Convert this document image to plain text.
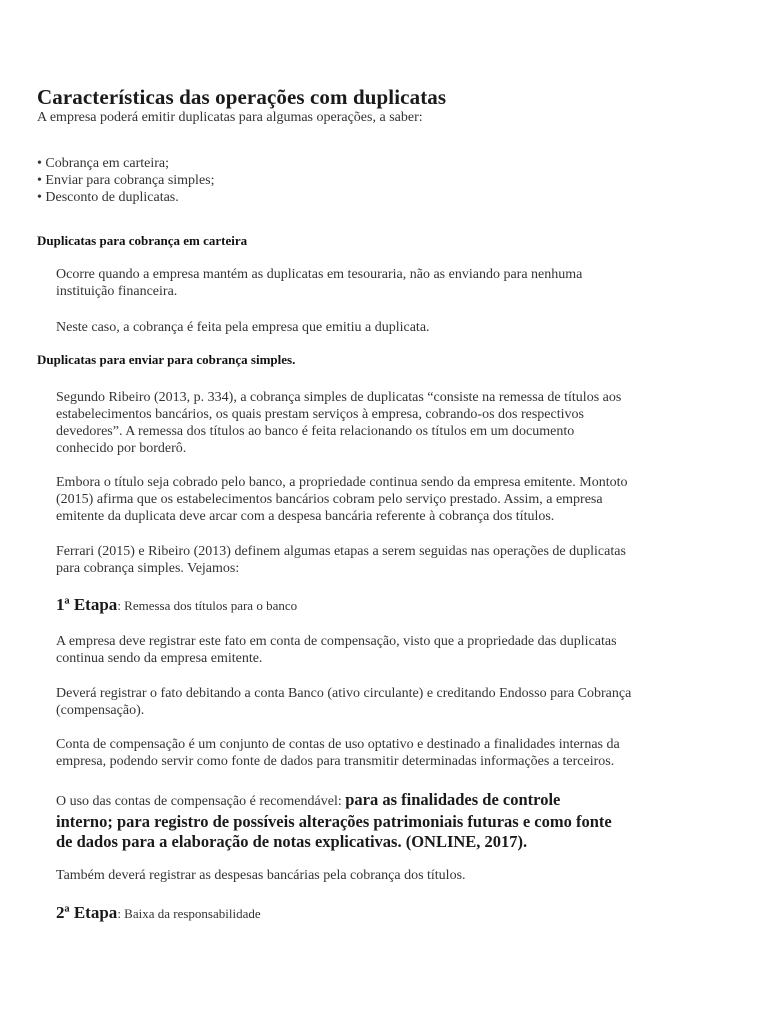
Características das operações com duplicatas

A empresa poderá emitir duplicatas para algumas operações, a saber:

• Cobrança em carteira;
• Enviar para cobrança simples;
• Desconto de duplicatas.
Duplicatas para cobrança em carteira

Ocorre quando a empresa mantém as duplicatas em tesouraria, não as enviando para nenhuma
instituição financeira.

Neste caso, a cobrança é feita pela empresa que emitiu a duplicata.

Duplicatas para enviar para cobrança simples.

Segundo Ribeiro (2013, p. 334), a cobrança simples de duplicatas “consiste na remessa de títulos aos
estabelecimentos bancários, os quais prestam serviços à empresa, cobrando-os dos respectivos
devedores”. A remessa dos títulos ao banco é feita relacionando os títulos em um documento
conhecido por borderô.

Embora o título seja cobrado pelo banco, a propriedade continua sendo da empresa emitente. Montoto
(2015) afirma que os estabelecimentos bancários cobram pelo serviço prestado. Assim, a empresa
emitente da duplicata deve arcar com a despesa bancária referente à cobrança dos títulos.

Ferrari (2015) e Ribeiro (2013) definem algumas etapas a serem seguidas nas operações de duplicatas
para cobrança simples. Vejamos:

1ª Etapa: Remessa dos títulos para o banco

A empresa deve registrar este fato em conta de compensação, visto que a propriedade das duplicatas
continua sendo da empresa emitente.

Deverá registrar o fato debitando a conta Banco (ativo circulante) e creditando Endosso para Cobrança
(compensação).

Conta de compensação é um conjunto de contas de uso optativo e destinado a finalidades internas da
empresa, podendo servir como fonte de dados para transmitir determinadas informações a terceiros.

O uso das contas de compensação é recomendável: para as finalidades de controle
interno; para registro de possíveis alterações patrimoniais futuras e como fonte
de dados para a elaboração de notas explicativas. (ONLINE, 2017).

Também deverá registrar as despesas bancárias pela cobrança dos títulos.

2ª Etapa: Baixa da responsabilidade
